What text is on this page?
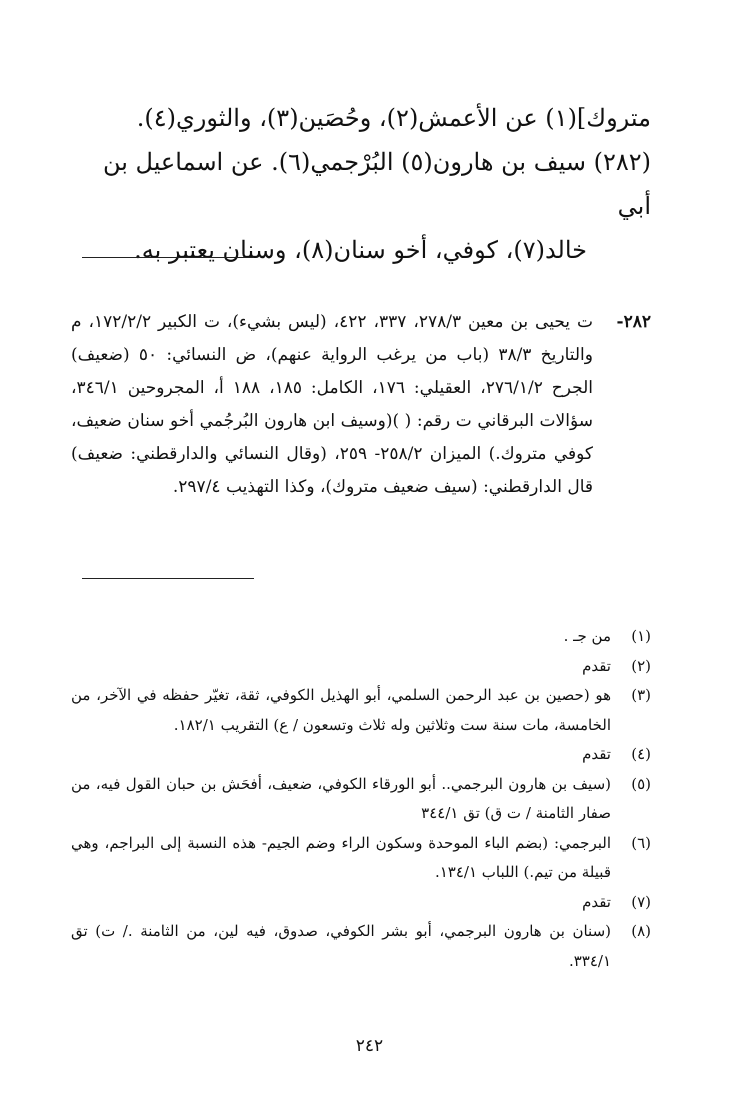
متروك](١) عن الأعمش(٢)، وحُصَين(٣)، والثوري(٤).

(٢٨٢) سيف بن هارون(٥) البُرْجمي(٦). عن اسماعيل بن أبي

خالد(٧)، كوفي، أخو سنان(٨)، وسنان يعتبر به.

٢٨٢-
ت يحيى بن معين ٢٧٨/٣، ٣٣٧، ٤٢٢، (ليس بشيء)، ت الكبير ١٧٢/٢/٢، م والتاريخ ٣٨/٣ (باب من يرغب الرواية عنهم)، ض النسائي: ٥٠ (ضعيف) الجرح ٢٧٦/١/٢، العقيلي: ١٧٦، الكامل: ١٨٥، ١٨٨ أ، المجروحين ٣٤٦/١، سؤالات البرقاني ت رقم: ( )(وسيف ابن هارون البُرجُمي أخو سنان ضعيف، كوفي متروك.) الميزان ٢٥٨/٢- ٢٥٩، (وقال النسائي والدارقطني: ضعيف) قال الدارقطني: (سيف ضعيف متروك)، وكذا التهذيب ٢٩٧/٤.
(١)
من جـ .
(٢)
تقدم
(٣)
هو (حصين بن عبد الرحمن السلمي، أبو الهذيل الكوفي، ثقة، تغيّر حفظه في الآخر، من الخامسة، مات سنة ست وثلاثين وله ثلاث وتسعون / ع) التقريب ١٨٢/١.
(٤)
تقدم
(٥)
(سيف بن هارون البرجمي.. أبو الورقاء الكوفي، ضعيف، أفحَش بن حبان القول فيه، من صفار الثامنة / ت ق) تق ٣٤٤/١
(٦)
البرجمي: (بضم الباء الموحدة وسكون الراء وضم الجيم- هذه النسبة إلى البراجم، وهي قبيلة من تيم.) اللباب ١٣٤/١.
(٧)
تقدم
(٨)
(سنان بن هارون البرجمي، أبو بشر الكوفي، صدوق، فيه لين، من الثامنة ./ ت) تق ٣٣٤/١.
٢٤٢
